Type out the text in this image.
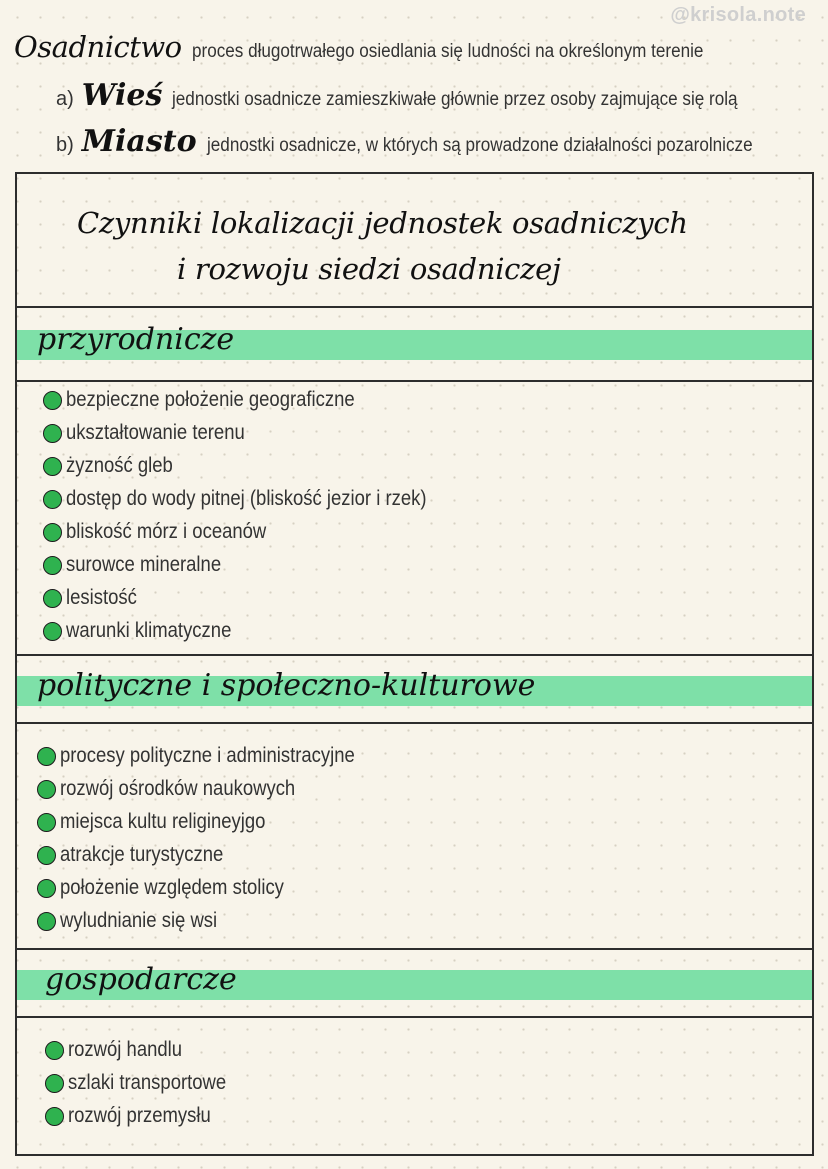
@krisola.note
Osadnictwo proces długotrwałego osiedlania się ludności na określonym terenie
a) Wieś jednostki osadnicze zamieszkiwałe głównie przez osoby zajmujące się rolą
b) Miasto jednostki osadnicze, w których są prowadzone działalności pozarolnicze
Czynniki lokalizacji jednostek osadniczych
i rozwoju siedzi osadniczej
przyrodnicze
bezpieczne położenie geograficzne
ukształtowanie terenu
żyzność gleb
dostęp do wody pitnej (bliskość jezior i rzek)
bliskość mórz i oceanów
surowce mineralne
lesistość
warunki klimatyczne
polityczne i społeczno-kulturowe
procesy polityczne i administracyjne
rozwój ośrodków naukowych
miejsca kultu religineyjgo
atrakcje turystyczne
położenie względem stolicy
wyludnianie się wsi
gospodarcze
rozwój handlu
szlaki transportowe
rozwój przemysłu
